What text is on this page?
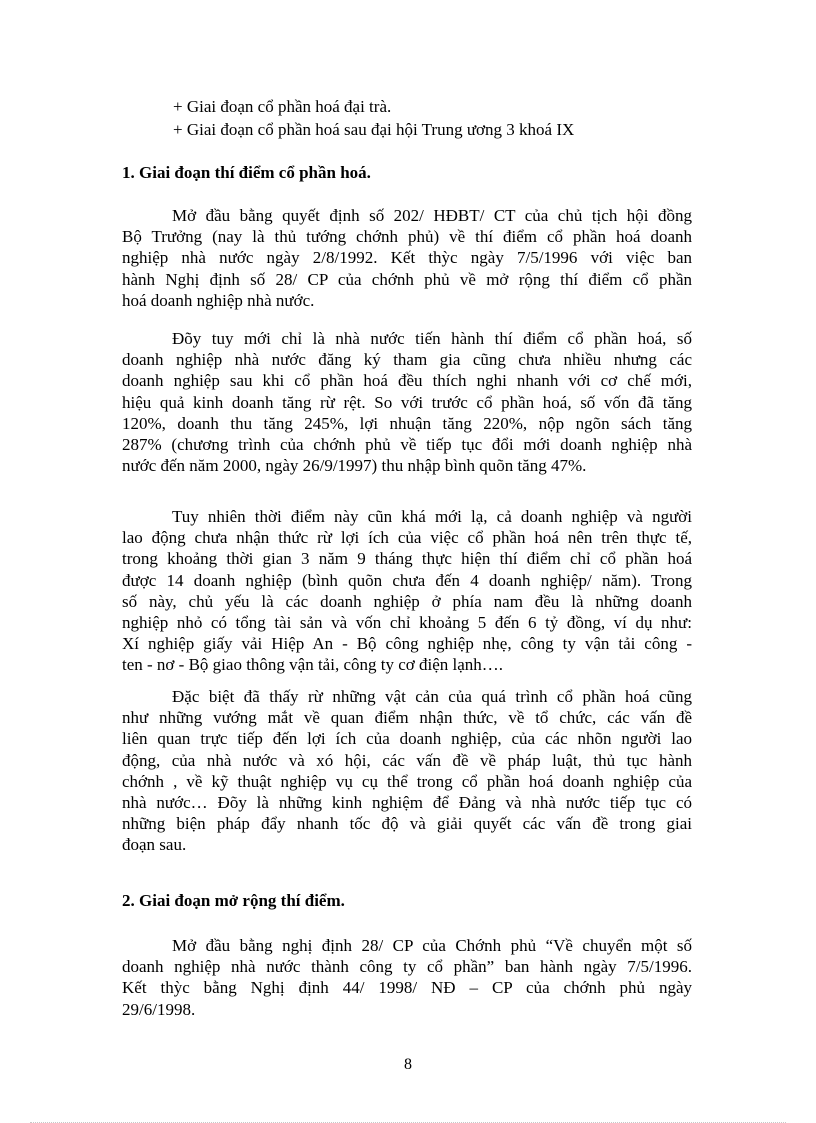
+ Giai đoạn cổ phần hoá đại trà.
+ Giai đoạn cổ phần hoá sau đại hội Trung ương 3 khoá IX
1. Giai đoạn thí điểm cổ phần hoá.
Mở đầu bằng quyết định số 202/ HĐBT/ CT của chủ tịch hội đồng
Bộ Trưởng (nay là thủ tướng chớnh phủ) về thí điểm cổ phần hoá doanh
nghiệp nhà nước ngày 2/8/1992. Kết thỳc ngày 7/5/1996 với việc ban
hành Nghị định số 28/ CP của chớnh phủ về mở rộng thí điểm cổ phần
hoá doanh nghiệp nhà nước.
Đõy tuy mới chỉ là nhà nước tiến hành thí điểm cổ phần hoá, số
doanh nghiệp nhà nước đăng ký tham gia cũng chưa nhiều nhưng các
doanh nghiệp sau khi cổ phần hoá đều thích nghi nhanh với cơ chế mới,
hiệu quả kinh doanh tăng rừ rệt. So với trước cổ phần hoá, số vốn đã tăng
120%, doanh thu tăng 245%, lợi nhuận tăng 220%, nộp ngõn sách tăng
287% (chương trình của chớnh phủ về tiếp tục đổi mới doanh nghiệp nhà
nước đến năm 2000, ngày 26/9/1997) thu nhập bình quõn tăng 47%.
Tuy nhiên thời điểm này cũn khá mới lạ, cả doanh nghiệp và người
lao động chưa nhận thức rừ lợi ích của việc cổ phần hoá nên trên thực tế,
trong khoảng thời gian 3 năm 9 tháng thực hiện thí điểm chỉ cổ phần hoá
được 14 doanh nghiệp (bình quõn chưa đến 4 doanh nghiệp/ năm). Trong
số này, chủ yếu là các doanh nghiệp ở phía nam đều là những doanh
nghiệp nhỏ có tổng tài sản và vốn chỉ khoảng 5 đến 6 tỷ đồng, ví dụ như:
Xí nghiệp giấy vải Hiệp An - Bộ công nghiệp nhẹ, công ty vận tải công -
ten - nơ - Bộ giao thông vận tải, công ty cơ điện lạnh….
Đặc biệt đã thấy rừ những vật cản của quá trình cổ phần hoá cũng
như những vướng mắt về quan điểm nhận thức, về tổ chức, các vấn đề
liên quan trực tiếp đến lợi ích của doanh nghiệp, của các nhõn người lao
động, của nhà nước và xó hội, các vấn đề về pháp luật, thủ tục hành
chớnh , về kỹ thuật nghiệp vụ cụ thể trong cổ phần hoá doanh nghiệp của
nhà nước… Đõy là những kinh nghiệm để Đảng và nhà nước tiếp tục có
những biện pháp đẩy nhanh tốc độ và giải quyết các vấn đề trong giai
đoạn sau.
2. Giai đoạn mở rộng thí điểm.
Mở đầu bằng nghị định 28/ CP của Chớnh phủ “Về chuyển một số
doanh nghiệp nhà nước thành công ty cổ phần” ban hành ngày 7/5/1996.
Kết thỳc bằng Nghị định 44/ 1998/ NĐ – CP của chớnh phủ ngày
29/6/1998.
8
